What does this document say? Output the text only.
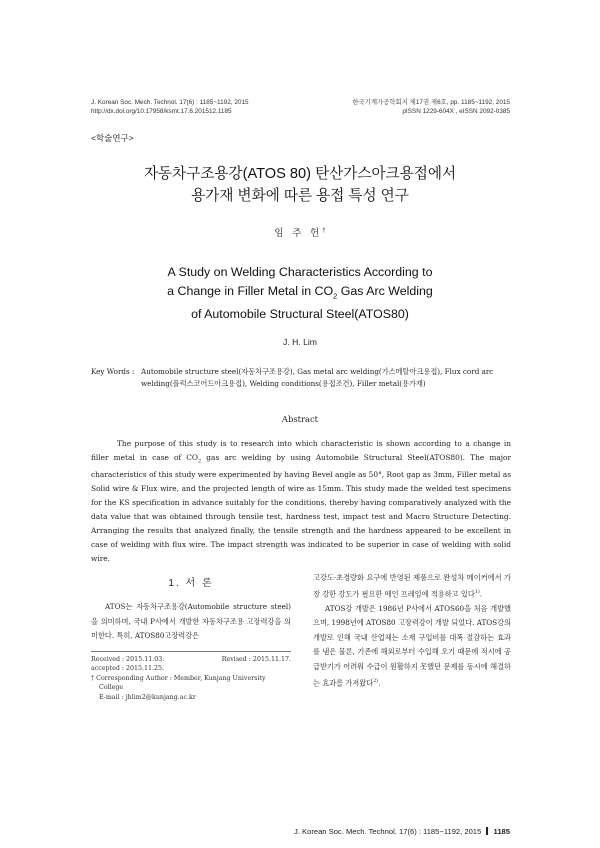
J. Korean Soc. Mech. Technol. 17(6) : 1185~1192, 2015
http://dx.doi.org/10.17958/ksmt.17.6.201512.1185
한국기계가공학회지 제17권 제6호, pp. 1185~1192, 2015
pISSN 1229-604X , eISSN 2092-0385
<학술연구>
자동차구조용강(ATOS 80) 탄산가스아크용접에서
용가재 변화에 따른 용접 특성 연구
임 주 헌†
A Study on Welding Characteristics According to
a Change in Filler Metal in $CO_2$ Gas Arc Welding
of Automobile Structural Steel(ATOS80)
J. H. Lim
Key Words : Automobile structure steel(자동차구조용강), Gas metal arc welding(가스메탈아크용접), Flux cord arc welding(플럭스코어드아크용접), Welding conditions(용접조건), Filler metal(용가재)
Abstract
The purpose of this study is to research into which characteristic is shown according to a change in filler metal in case of $CO_2$ gas arc welding by using Automobile Structural Steel(ATOS80). The major characteristics of this study were experimented by having Bevel angle as 50°, Root gap as 3mm, Filler metal as Solid wire & Flux wire, and the projected length of wire as 15mm. This study made the welded test specimens for the KS specification in advance suitably for the conditions, thereby having comparatively analyzed with the data value that was obtained through tensile test, hardness test, impact test and Macro Structure Detecting. Arranging the results that analyzed finally, the tensile strength and the hardness appeared to be excellent in case of welding with flux wire. The impact strength was indicated to be superior in case of welding with solid wire.
1. 서 론
ATOS는 자동차구조용강(Automobile structure steel)을 의미하며, 국내 P사에서 개발한 자동차구조용 고장력강을 의미한다. 특히, ATOS80고장력강은
Received : 2015.11.03.	Revised : 2015.11.17.
accepted : 2015.11.25.
† Corresponding Author : Member, Kunjang University
College
E-mail : jhlim2@kunjang.ac.kr

고강도·초경량화 요구에 반영된 제품으로 완성차 메이커에서 가장 강한 강도가 필요한 메인 프레임에 적용하고 있다$^{1)}$.

ATOS강 개발은 1986년 P사에서 ATOS60을 처음 개발했으며, 1998년에 ATOS80 고장력강이 개발 되었다. ATOS강의 개발로 인해 국내 산업체는 소재 구입비를 대폭 절감하는 효과를 냄은 물론, 기존에 해외로부터 수입해 오기 때문에 적시에 공급받기가 어려워 수급이 원활하지 못했던 문제를 동시에 해결하는 효과를 가져왔다$^{2)}$.

J. Korean Soc. Mech. Technol. 17(6) : 1185~1192, 2015 1185
